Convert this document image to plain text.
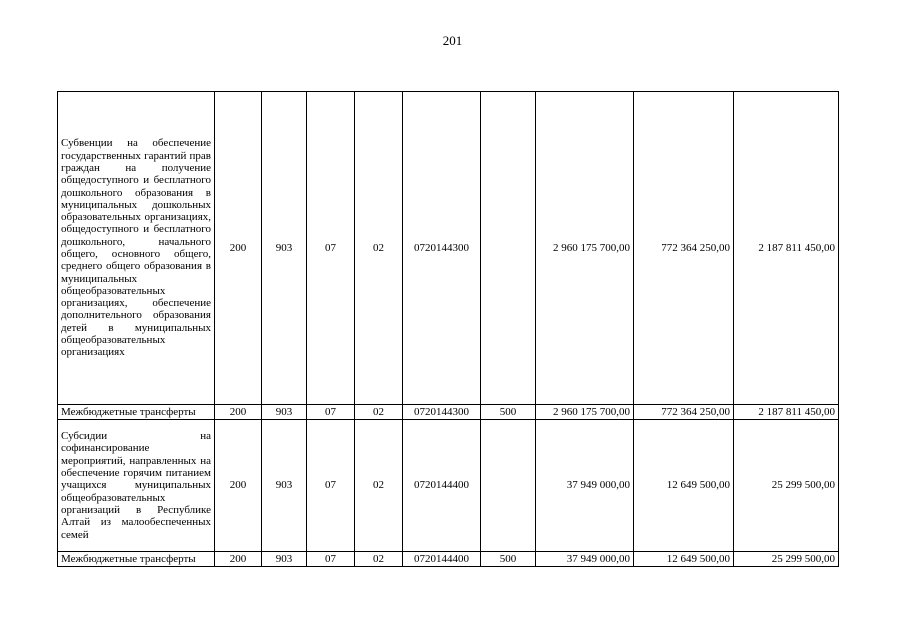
201
Субвенции на обеспечение государственных гарантий прав граждан на получение общедоступного и бесплатного дошкольного образования в муниципальных дошкольных образовательных организациях, общедоступного и бесплатного дошкольного, начального общего, основного общего, среднего общего образования в муниципальных общеобразовательных организациях, обеспечение дополнительного образования детей в муниципальных общеобразовательных организациях	200	903	07	02	0720144300		2 960 175 700,00	772 364 250,00	2 187 811 450,00
Межбюджетные трансферты	200	903	07	02	0720144300	500	2 960 175 700,00	772 364 250,00	2 187 811 450,00
Субсидии на софинансирование мероприятий, направленных на обеспечение горячим питанием учащихся муниципальных общеобразовательных организаций в Республике Алтай из малообеспеченных семей	200	903	07	02	0720144400		37 949 000,00	12 649 500,00	25 299 500,00
Межбюджетные трансферты	200	903	07	02	0720144400	500	37 949 000,00	12 649 500,00	25 299 500,00
